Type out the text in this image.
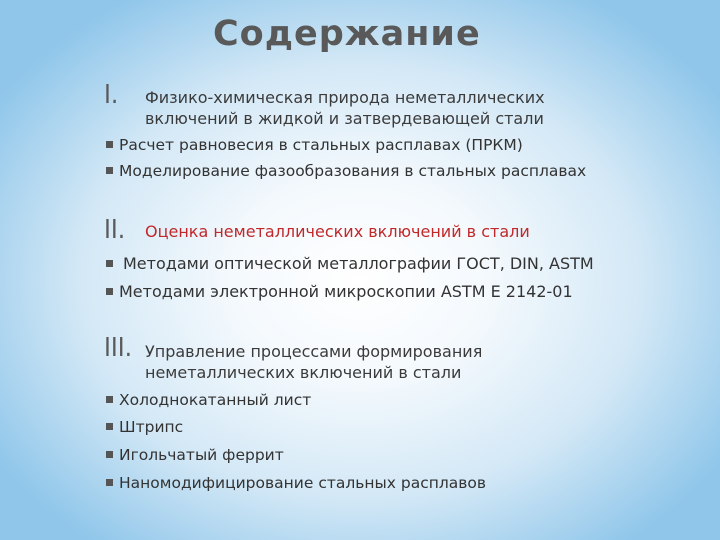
Содержание
I. Физико-химическая природа неметаллических
включений в жидкой и затвердевающей стали
Расчет равновесия в стальных расплавах (ПРКМ)
Моделирование фазообразования в стальных расплавах
II. Оценка неметаллических включений в стали
Методами оптической металлографии ГОСТ, DIN, ASTM
Методами электронной микроскопии ASTM E 2142-01
III. Управление процессами формирования
неметаллических включений в стали
Холоднокатанный лист
Штрипс
Игольчатый феррит
Наномодифицирование стальных расплавов
